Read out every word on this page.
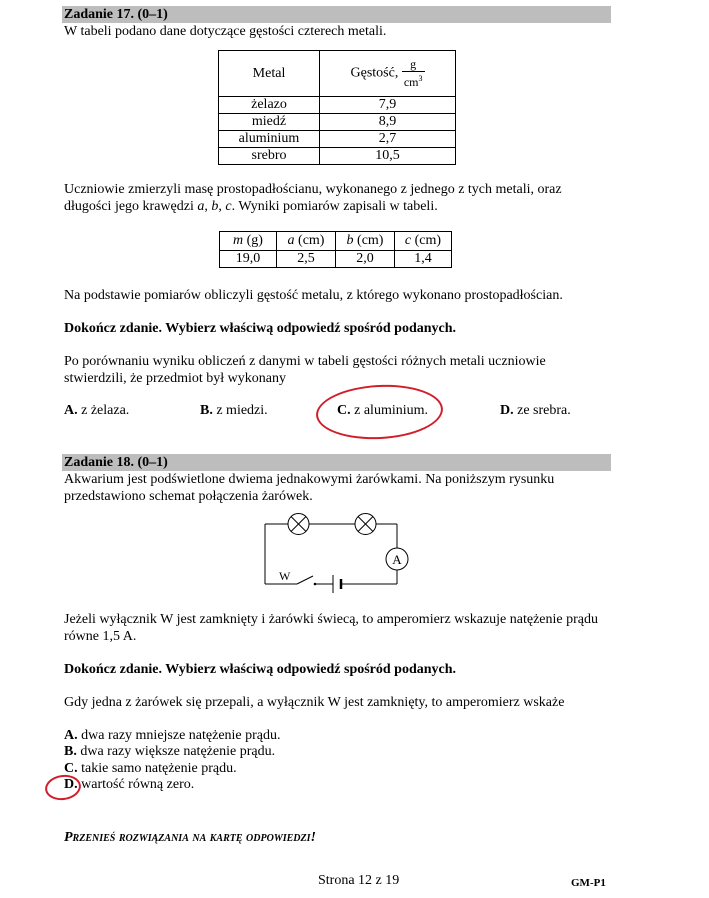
Zadanie 17. (0–1)
W tabeli podano dane dotyczące gęstości czterech metali.
Metal	Gęstość, $\frac{g}{cm^3}$

żelazo	7,9
miedź	8,9
aluminium	2,7
srebro	10,5
Uczniowie zmierzyli masę prostopadłościanu, wykonanego z jednego z tych metali, oraz
długości jego krawędzi a, b, c. Wyniki pomiarów zapisali w tabeli.
m (g)	a (cm)	b (cm)	c (cm)
19,0	2,5	2,0	1,4
Na podstawie pomiarów obliczyli gęstość metalu, z którego wykonano prostopadłościan.
Dokończ zdanie. Wybierz właściwą odpowiedź spośród podanych.
Po porównaniu wyniku obliczeń z danymi w tabeli gęstości różnych metali uczniowie
stwierdzili, że przedmiot był wykonany
A. z żelaza.	B. z miedzi.	C. z aluminium.	D. ze srebra.
Zadanie 18. (0–1)
Akwarium jest podświetlone dwiema jednakowymi żarówkami. Na poniższym rysunku
przedstawiono schemat połączenia żarówek.
A
W
Jeżeli wyłącznik W jest zamknięty i żarówki świecą, to amperomierz wskazuje natężenie prądu
równe 1,5 A.
Dokończ zdanie. Wybierz właściwą odpowiedź spośród podanych.
Gdy jedna z żarówek się przepali, a wyłącznik W jest zamknięty, to amperomierz wskaże
A. dwa razy mniejsze natężenie prądu.
B. dwa razy większe natężenie prądu.
C. takie samo natężenie prądu.
D. wartość równą zero.
Przenieś rozwiązania na kartę odpowiedzi!
Strona 12 z 19	GM-P1
